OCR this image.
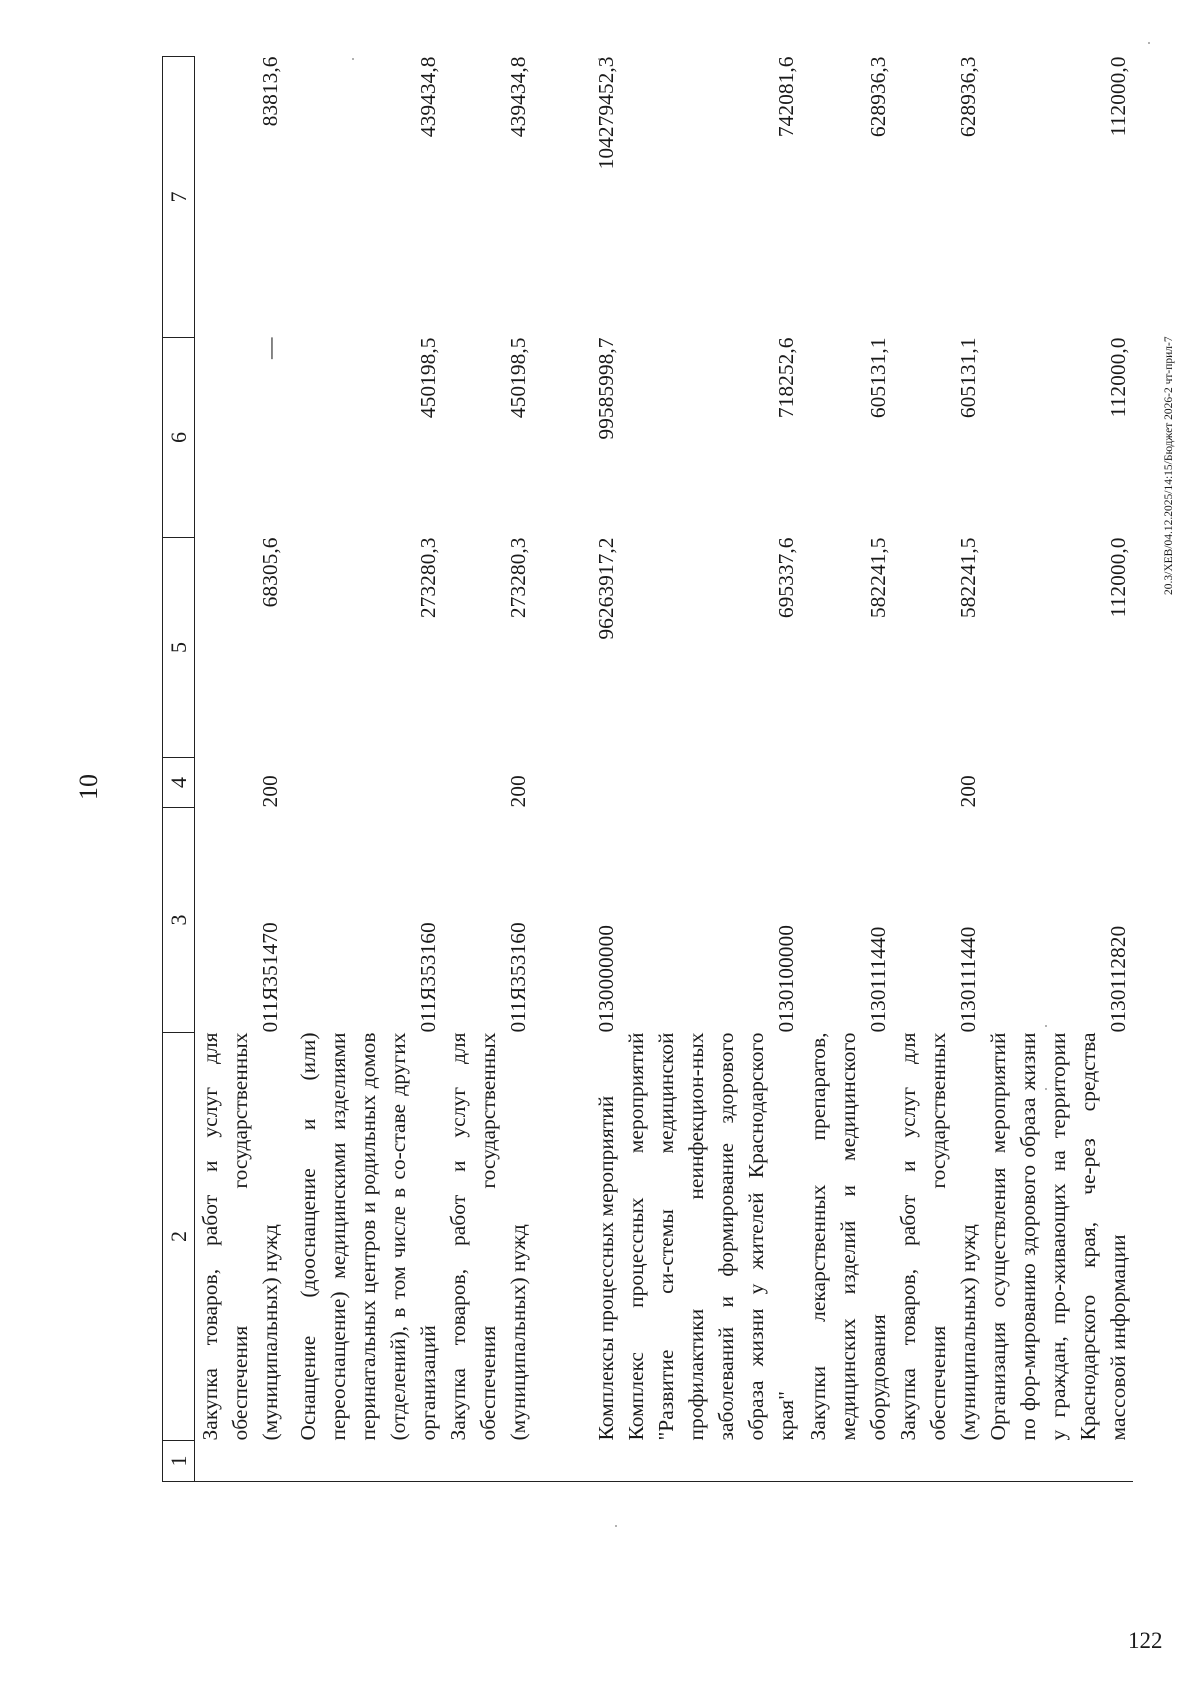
10
1	2	3	4	5	6	7
	Закупка товаров, работ и услуг для обеспечения государственных (муниципальных) нужд	011Я351470	200	68305,6	—	83813,6
	Оснащение (дооснащение и (или) переоснащение) медицинскими изделиями перинатальных центров и родильных домов (отделений), в том числе в со-ставе других организаций	011Я353160		273280,3	450198,5	439434,8
	Закупка товаров, работ и услуг для обеспечения государственных (муниципальных) нужд	011Я353160	200	273280,3	450198,5	439434,8
	Комплексы процессных мероприятий	0130000000		96263917,2	99585998,7	104279452,3
	Комплекс процессных мероприятий "Развитие си-стемы медицинской профилактики неинфекцион-ных заболеваний и формирование здорового образа жизни у жителей Краснодарского края"	0130100000		695337,6	718252,6	742081,6
	Закупки лекарственных препаратов, медицинских изделий и медицинского оборудования	0130111440		582241,5	605131,1	628936,3
	Закупка товаров, работ и услуг для обеспечения государственных (муниципальных) нужд	0130111440	200	582241,5	605131,1	628936,3
	Организация осуществления мероприятий по фор-мированию здорового образа жизни у граждан, про-живающих на территории Краснодарского края, че-рез средства массовой информации	0130112820		112000,0	112000,0	112000,0
20.3/XEB/04.12.2025/14:15/Бюджет 2026-2 чт-прил-7
122
